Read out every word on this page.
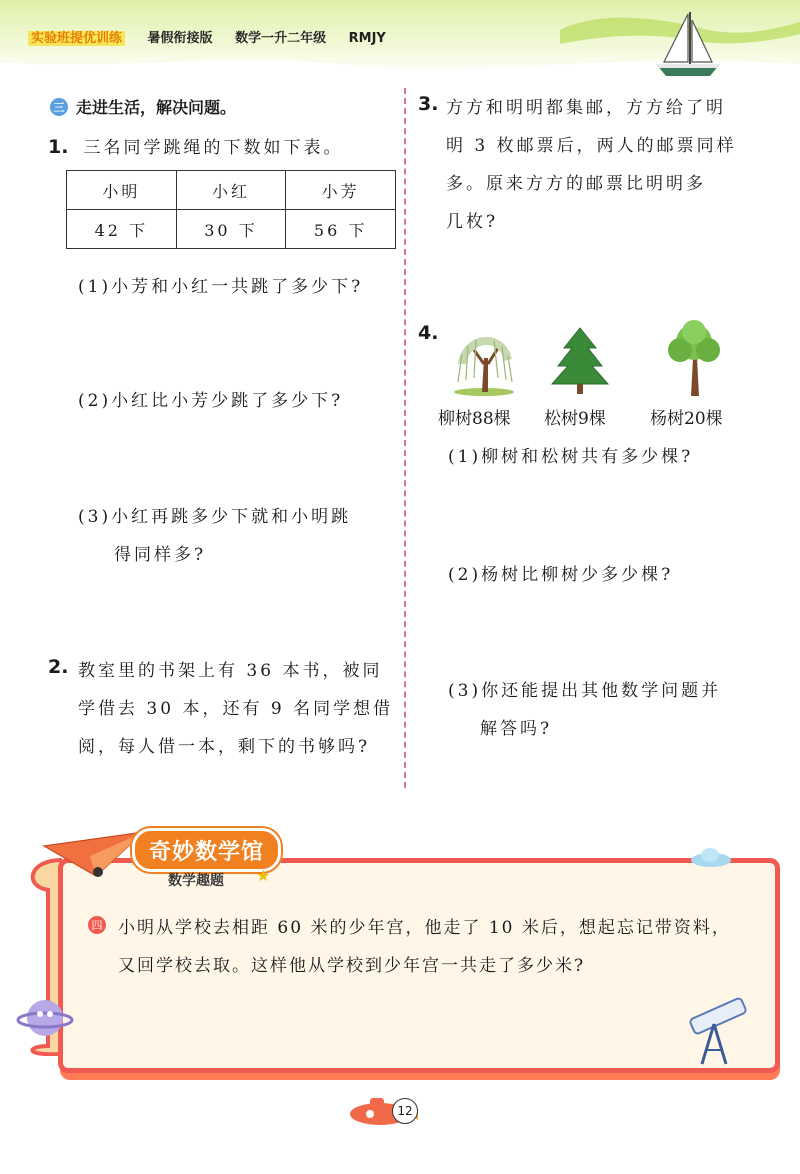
实验班提优训练 暑假衔接版 数学一升二年级 RMJY
三 走进生活，解决问题。
1. 三名同学跳绳的下数如下表。
小明	小红	小芳
42 下	30 下	56 下
(1)小芳和小红一共跳了多少下?
(2)小红比小芳少跳了多少下?
(3)小红再跳多少下就和小明跳
得同样多?
2. 教室里的书架上有 36 本书，被同
学借去 30 本，还有 9 名同学想借
阅，每人借一本，剩下的书够吗?
3. 方方和明明都集邮，方方给了明
明 3 枚邮票后，两人的邮票同样
多。原来方方的邮票比明明多
几枚?
4.
柳树88棵 松树9棵	杨树20棵
(1)柳树和松树共有多少棵?
(2)杨树比柳树少多少棵?
(3)你还能提出其他数学问题并
解答吗?
奇妙数学馆
数学趣题 ★
四 小明从学校去相距 60 米的少年宫，他走了 10 米后，想起忘记带资料，
又回学校去取。这样他从学校到少年宫一共走了多少米?
12
